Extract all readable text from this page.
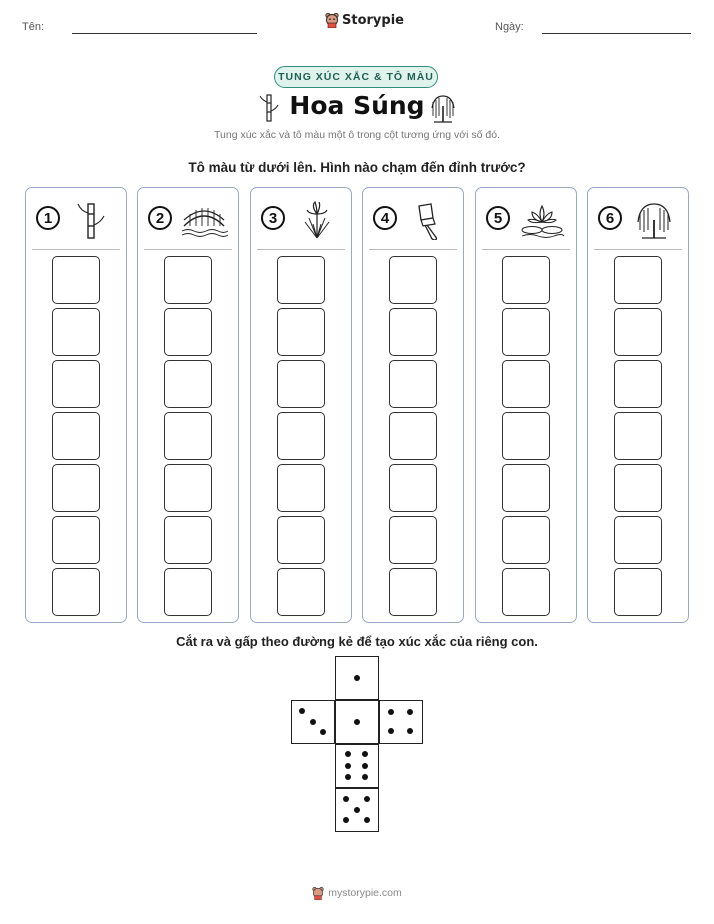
Tên:	Storypie	Ngày:
TUNG XÚC XẮC & TÔ MÀU
Hoa Súng
Tung xúc xắc và tô màu một ô trong cột tương ứng với số đó.
Tô màu từ dưới lên. Hình nào chạm đến đỉnh trước?
1	2	3	4	5	6
Cắt ra và gấp theo đường kẻ để tạo xúc xắc của riêng con.
mystorypie.com
